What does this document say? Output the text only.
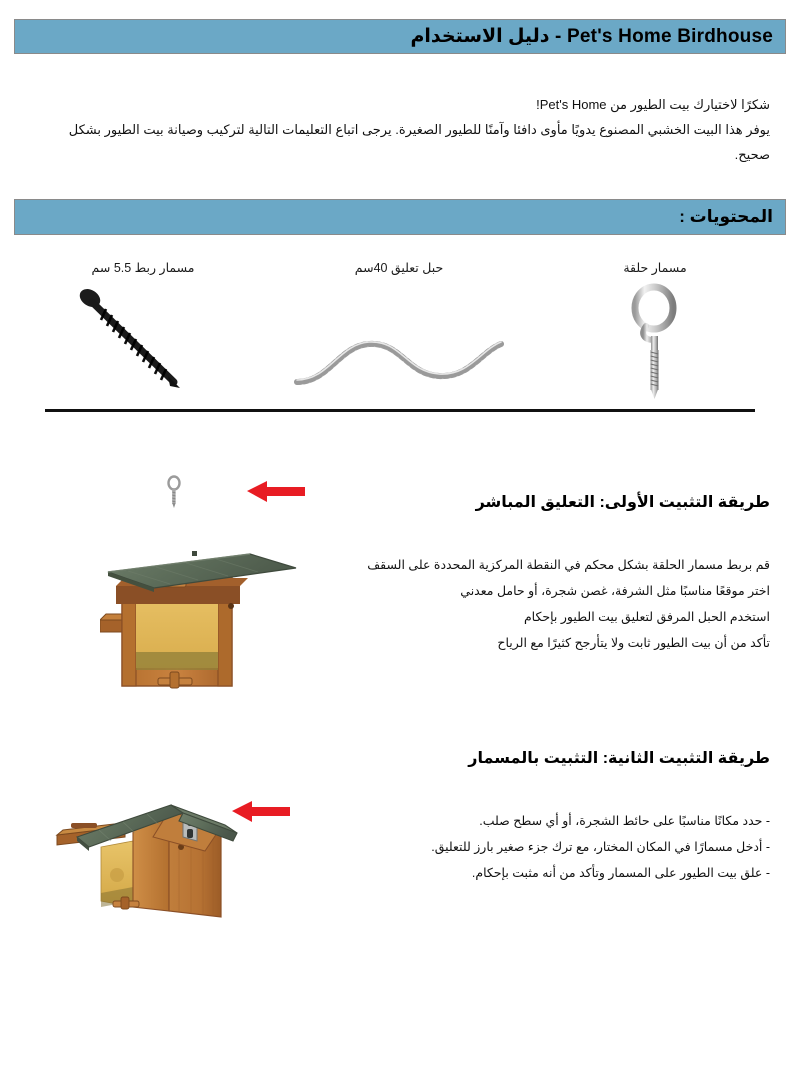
Pet's Home Birdhouse - دليل الاستخدام
شكرًا لاختيارك بيت الطيور من Pet's Home!
يوفر هذا البيت الخشبي المصنوع يدويًا مأوى دافئا وآمنًا للطيور الصغيرة. يرجى اتباع التعليمات التالية لتركيب وصيانة بيت الطيور بشكل
صحيح.
المحتويات :
مسمار حلقة
حبل تعليق 40سم
مسمار ربط 5.5 سم
طريقة التثبيت الأولى: التعليق المباشر
قم بربط مسمار الحلقة بشكل محكم في النقطة المركزية المحددة على السقف
اختر موقعًا مناسبًا مثل الشرفة، غصن شجرة، أو حامل معدني
استخدم الحبل المرفق لتعليق بيت الطيور بإحكام
تأكد من أن بيت الطيور ثابت ولا يتأرجح كثيرًا مع الرياح
طريقة التثبيت الثانية: التثبيت بالمسمار
- حدد مكانًا مناسبًا على حائط الشجرة، أو أي سطح صلب.
- أدخل مسمارًا في المكان المختار، مع ترك جزء صغير بارز للتعليق.
- علق بيت الطيور على المسمار وتأكد من أنه مثبت بإحكام.
